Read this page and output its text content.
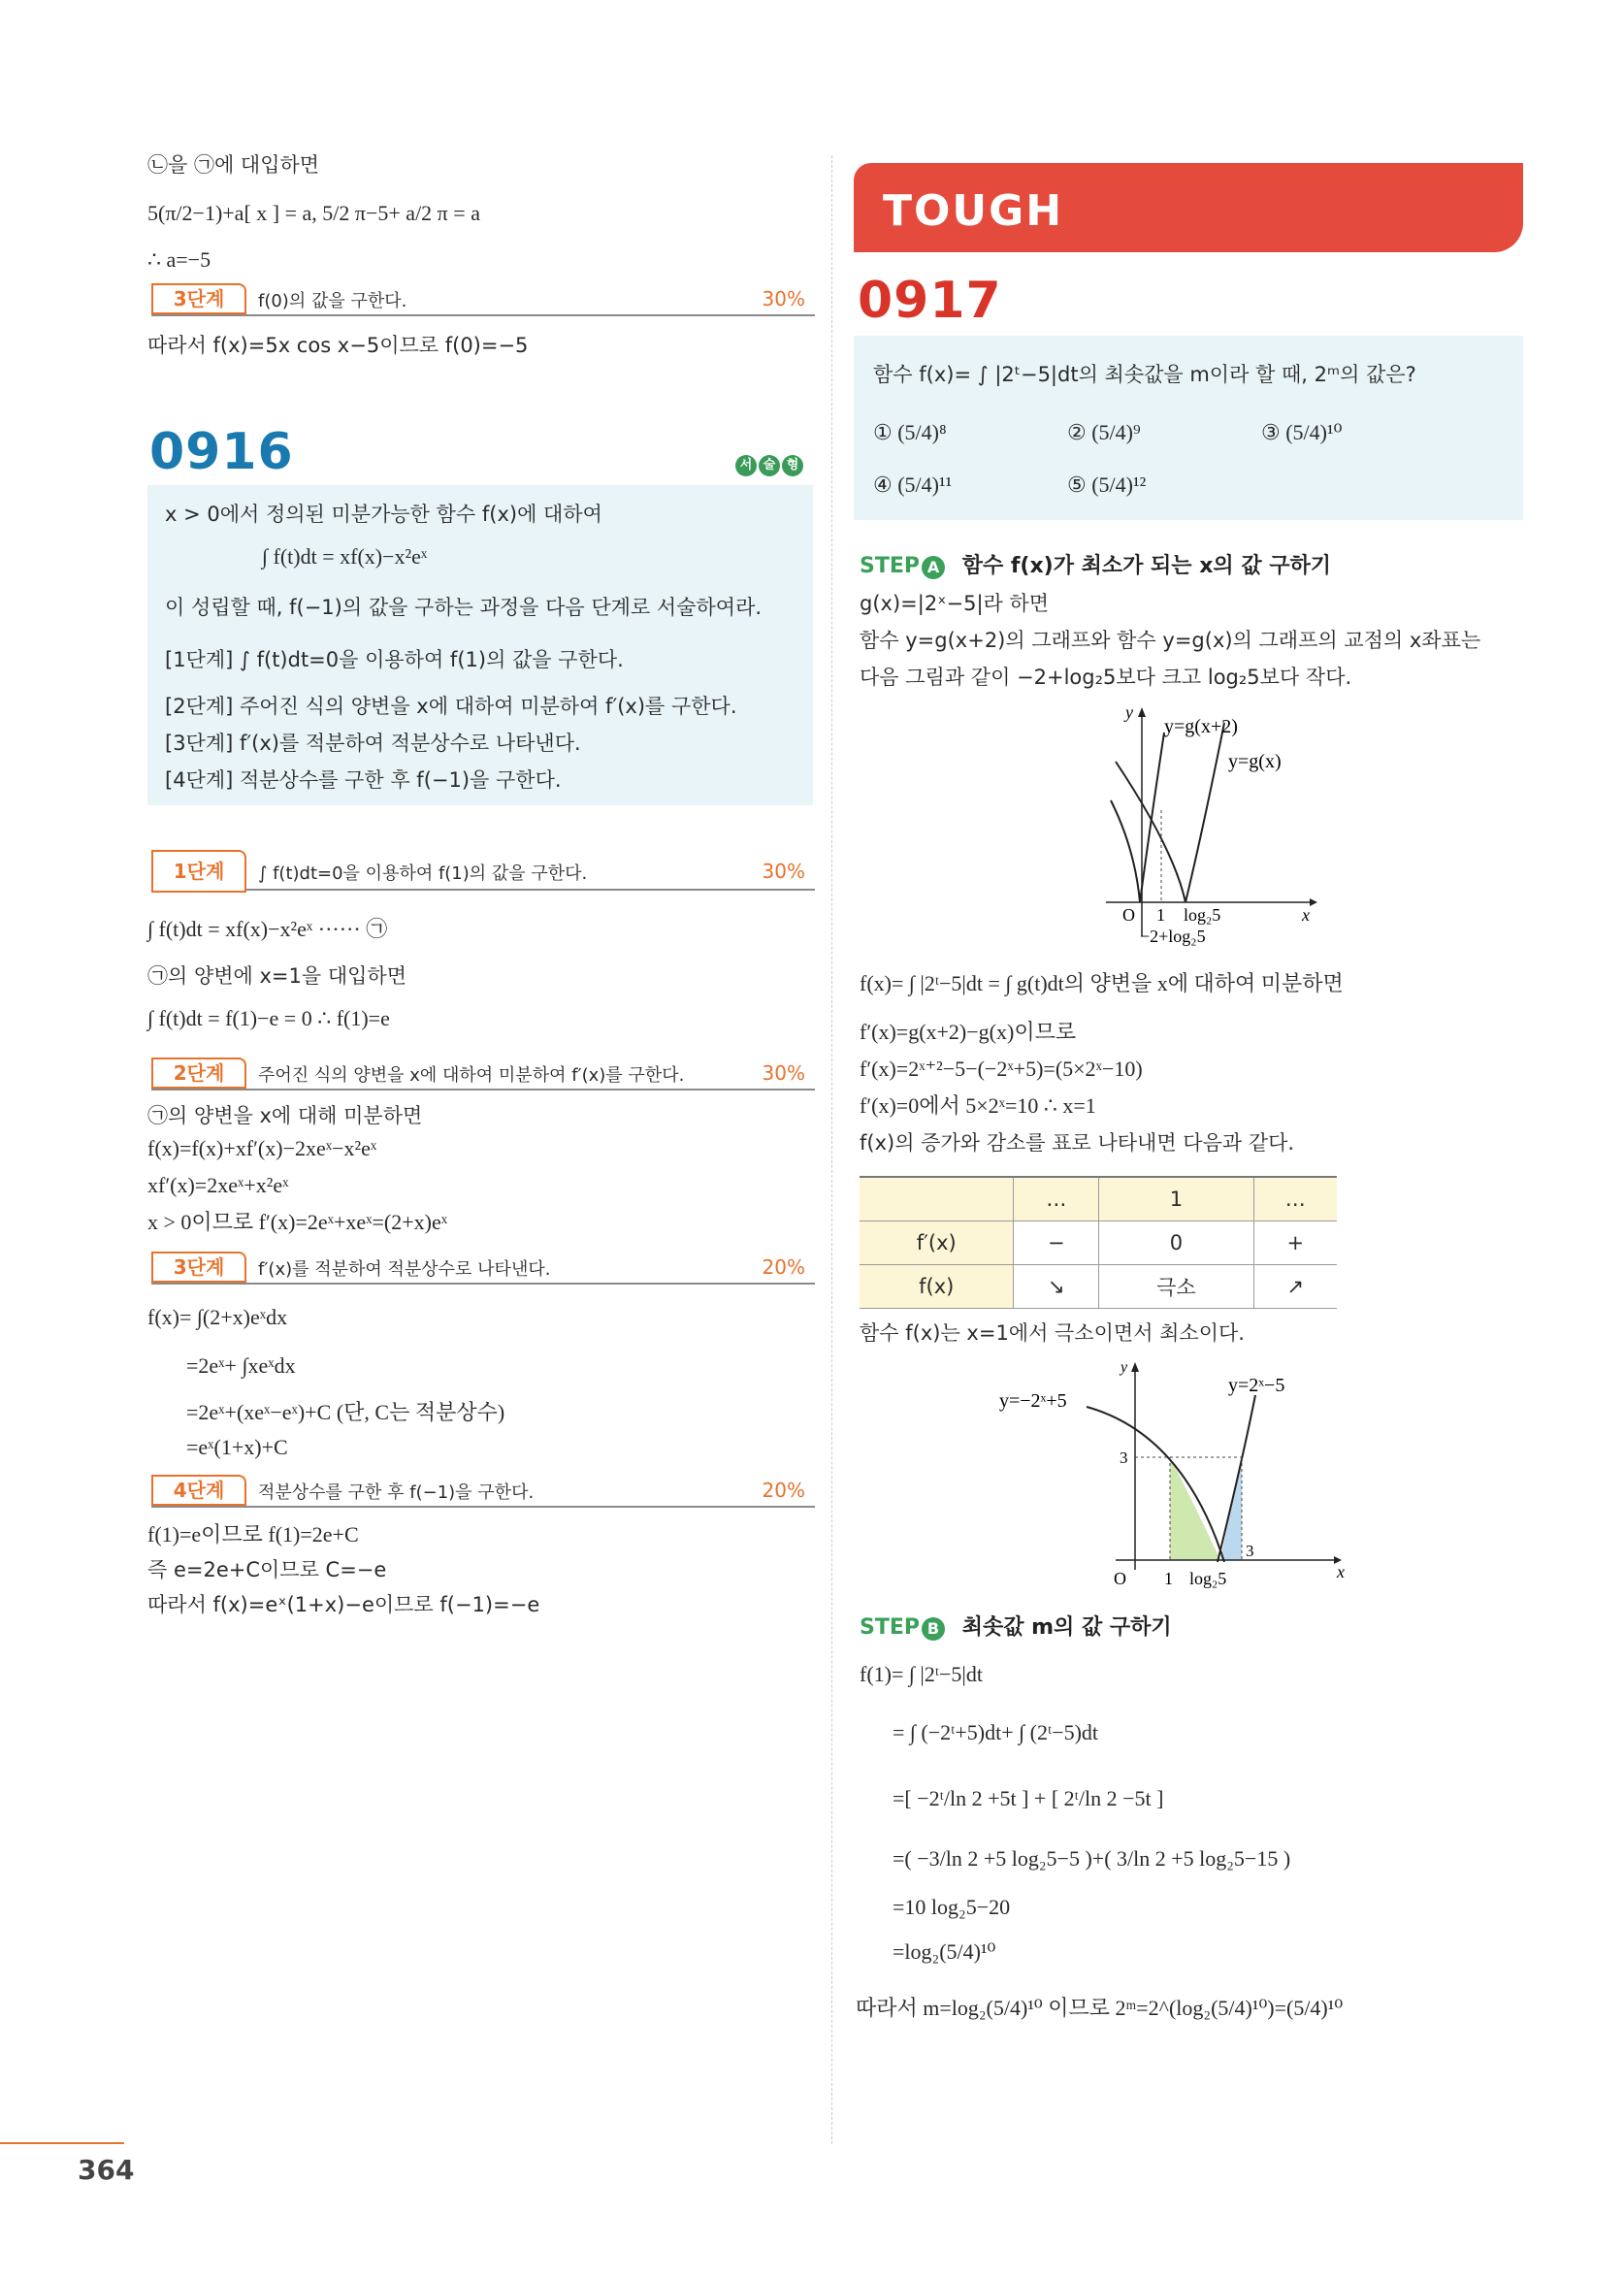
㉡을 ㉠에 대입하면
5(π/2−1)+a[ x ] = a, 5/2 π−5+ a/2 π = a
∴ a=−5
3단계	f(0)의 값을 구한다.	30%
따라서 f(x)=5x cos x−5이므로 f(0)=−5
0916	서 술 형
x > 0에서 정의된 미분가능한 함수 f(x)에 대하여
∫ f(t)dt = xf(x)−x²eˣ
이 성립할 때, f(−1)의 값을 구하는 과정을 다음 단계로 서술하여라.
[1단계] ∫ f(t)dt=0을 이용하여 f(1)의 값을 구한다.
[2단계] 주어진 식의 양변을 x에 대하여 미분하여 f′(x)를 구한다.
[3단계] f′(x)를 적분하여 적분상수로 나타낸다.
[4단계] 적분상수를 구한 후 f(−1)을 구한다.
1단계	∫ f(t)dt=0을 이용하여 f(1)의 값을 구한다.	30%
∫ f(t)dt = xf(x)−x²eˣ ······ ㉠
㉠의 양변에 x=1을 대입하면
∫ f(t)dt = f(1)−e = 0 ∴ f(1)=e
2단계	주어진 식의 양변을 x에 대하여 미분하여 f′(x)를 구한다.	30%
㉠의 양변을 x에 대해 미분하면
f(x)=f(x)+xf′(x)−2xeˣ−x²eˣ
xf′(x)=2xeˣ+x²eˣ
x > 0이므로 f′(x)=2eˣ+xeˣ=(2+x)eˣ
3단계	f′(x)를 적분하여 적분상수로 나타낸다.	20%
f(x)= ∫(2+x)eˣdx
=2eˣ+ ∫xeˣdx
=2eˣ+(xeˣ−eˣ)+C (단, C는 적분상수)
=eˣ(1+x)+C
4단계	적분상수를 구한 후 f(−1)을 구한다.	20%
f(1)=e이므로 f(1)=2e+C
즉 e=2e+C이므로 C=−e
따라서 f(x)=eˣ(1+x)−e이므로 f(−1)=−e
TOUGH
0917
함수 f(x)= ∫ |2ᵗ−5|dt의 최솟값을 m이라 할 때, 2ᵐ의 값은?
① (5/4)⁸	② (5/4)⁹	③ (5/4)¹⁰
④ (5/4)¹¹	⑤ (5/4)¹²
STEP A 함수 f(x)가 최소가 되는 x의 값 구하기
g(x)=|2ˣ−5|라 하면
함수 y=g(x+2)의 그래프와 함수 y=g(x)의 그래프의 교점의 x좌표는
다음 그림과 같이 −2+log₂5보다 크고 log₂5보다 작다.
y
y=g(x+2)
y=g(x)
O 1 log₂5
−2+log₂5
x
f(x)= ∫ |2ᵗ−5|dt = ∫ g(t)dt의 양변을 x에 대하여 미분하면
f′(x)=g(x+2)−g(x)이므로
f′(x)=2ˣ⁺²−5−(−2ˣ+5)=(5×2ˣ−10)
f′(x)=0에서 5×2ˣ=10 ∴ x=1
f(x)의 증가와 감소를 표로 나타내면 다음과 같다.
	…	1	…
f′(x)	−	0	+
f(x)	↘	극소	↗
함수 f(x)는 x=1에서 극소이면서 최소이다.
y
y=−2ˣ+5
y=2ˣ−5
3
3
O 1 log₂5	x
STEP B 최솟값 m의 값 구하기
f(1)= ∫ |2ᵗ−5|dt
= ∫ (−2ᵗ+5)dt+ ∫ (2ᵗ−5)dt
=[ −2ᵗ/ln 2 +5t ] + [ 2ᵗ/ln 2 −5t ]
=( −3/ln 2 +5 log₂5−5 )+( 3/ln 2 +5 log₂5−15 )
=10 log₂5−20
=log₂(5/4)¹⁰
따라서 m=log₂(5/4)¹⁰ 이므로 2ᵐ=2^(log₂(5/4)¹⁰)=(5/4)¹⁰
364
